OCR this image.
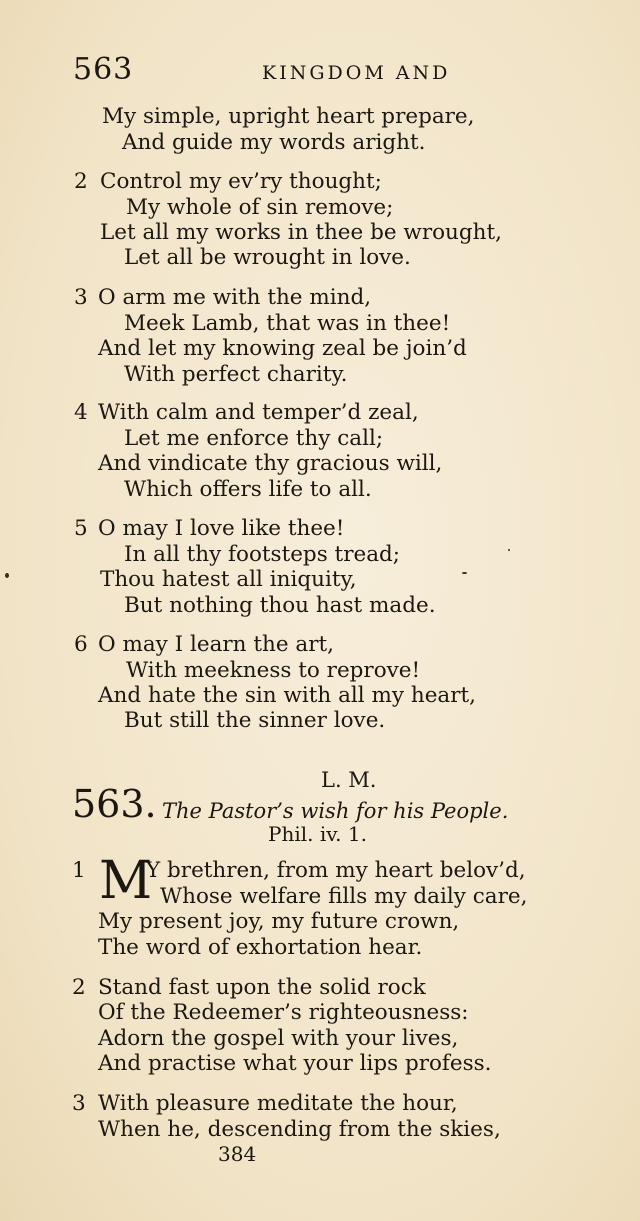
563	KINGDOM AND
My simple, upright heart prepare,
And guide my words aright.
2 Control my ev’ry thought;
My whole of sin remove;
Let all my works in thee be wrought,
Let all be wrought in love.
3 O arm me with the mind,
Meek Lamb, that was in thee!
And let my knowing zeal be join’d
With perfect charity.
4 With calm and temper’d zeal,
Let me enforce thy call;
And vindicate thy gracious will,
Which offers life to all.
5 O may I love like thee!
In all thy footsteps tread;
Thou hatest all iniquity,
But nothing thou hast made.
6 O may I learn the art,
With meekness to reprove!
And hate the sin with all my heart,
But still the sinner love.
L. M.
563. The Pastor’s wish for his People.
Phil. iv. 1.
1 M
Y brethren, from my heart belov’d,
Whose welfare fills my daily care,
My present joy, my future crown,
The word of exhortation hear.
2 Stand fast upon the solid rock
Of the Redeemer’s righteousness:
Adorn the gospel with your lives,
And practise what your lips profess.
3 With pleasure meditate the hour,
When he, descending from the skies,
384
